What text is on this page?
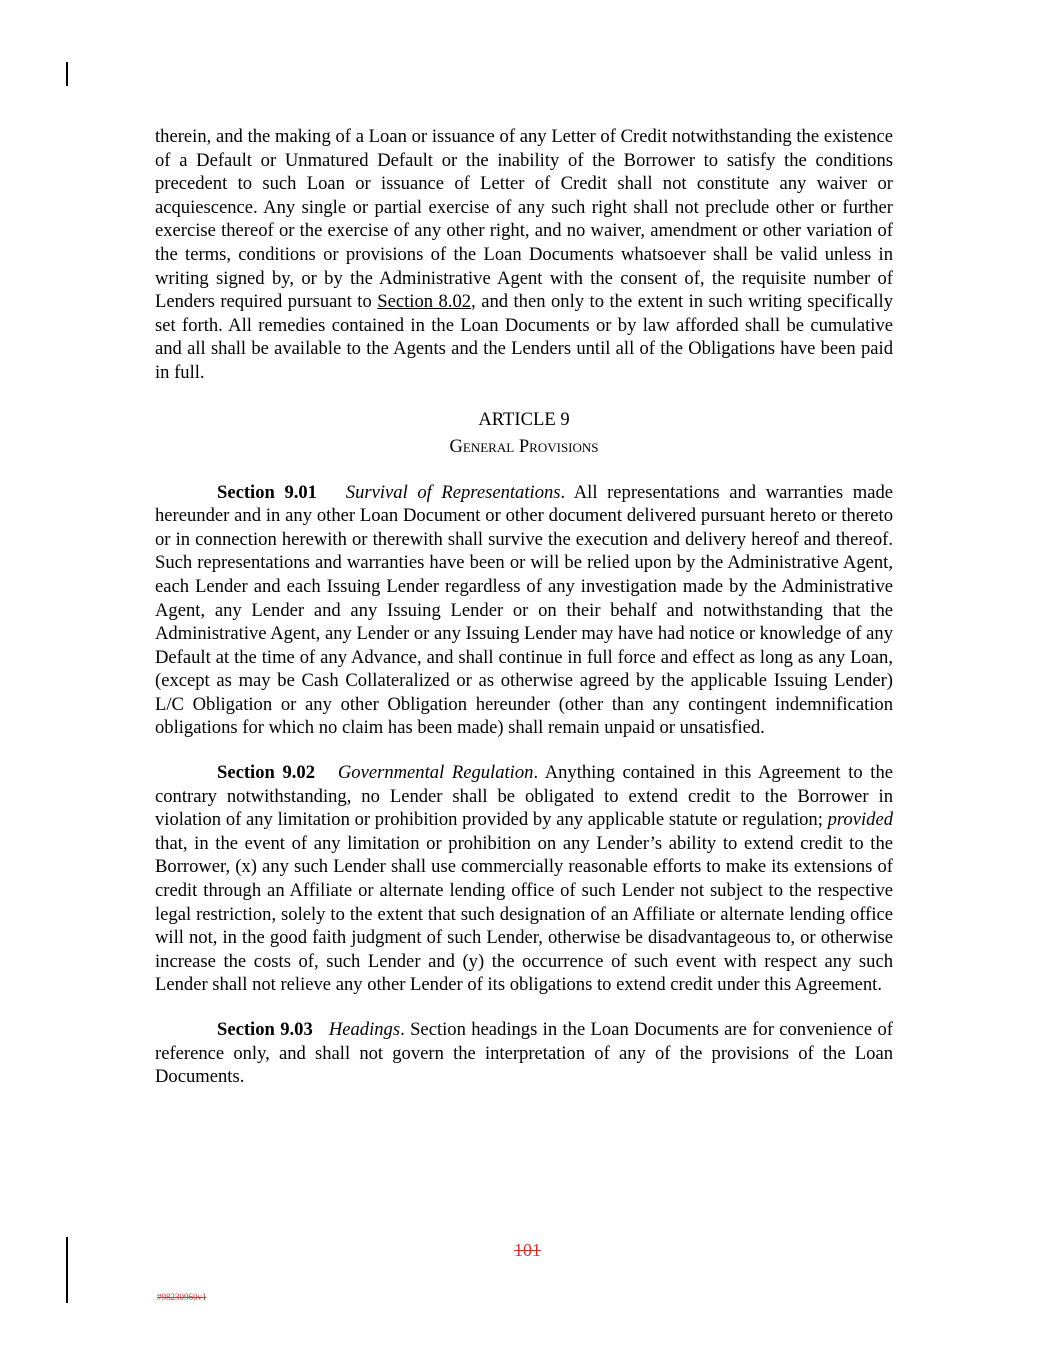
therein, and the making of a Loan or issuance of any Letter of Credit notwithstanding the existence of a Default or Unmatured Default or the inability of the Borrower to satisfy the conditions precedent to such Loan or issuance of Letter of Credit shall not constitute any waiver or acquiescence. Any single or partial exercise of any such right shall not preclude other or further exercise thereof or the exercise of any other right, and no waiver, amendment or other variation of the terms, conditions or provisions of the Loan Documents whatsoever shall be valid unless in writing signed by, or by the Administrative Agent with the consent of, the requisite number of Lenders required pursuant to Section 8.02, and then only to the extent in such writing specifically set forth. All remedies contained in the Loan Documents or by law afforded shall be cumulative and all shall be available to the Agents and the Lenders until all of the Obligations have been paid in full.

ARTICLE 9
General Provisions

Section 9.01 Survival of Representations. All representations and warranties made hereunder and in any other Loan Document or other document delivered pursuant hereto or thereto or in connection herewith or therewith shall survive the execution and delivery hereof and thereof. Such representations and warranties have been or will be relied upon by the Administrative Agent, each Lender and each Issuing Lender regardless of any investigation made by the Administrative Agent, any Lender and any Issuing Lender or on their behalf and notwithstanding that the Administrative Agent, any Lender or any Issuing Lender may have had notice or knowledge of any Default at the time of any Advance, and shall continue in full force and effect as long as any Loan, (except as may be Cash Collateralized or as otherwise agreed by the applicable Issuing Lender) L/C Obligation or any other Obligation hereunder (other than any contingent indemnification obligations for which no claim has been made) shall remain unpaid or unsatisfied.

Section 9.02 Governmental Regulation. Anything contained in this Agreement to the contrary notwithstanding, no Lender shall be obligated to extend credit to the Borrower in violation of any limitation or prohibition provided by any applicable statute or regulation; provided that, in the event of any limitation or prohibition on any Lender’s ability to extend credit to the Borrower, (x) any such Lender shall use commercially reasonable efforts to make its extensions of credit through an Affiliate or alternate lending office of such Lender not subject to the respective legal restriction, solely to the extent that such designation of an Affiliate or alternate lending office will not, in the good faith judgment of such Lender, otherwise be disadvantageous to, or otherwise increase the costs of, such Lender and (y) the occurrence of such event with respect any such Lender shall not relieve any other Lender of its obligations to extend credit under this Agreement.

Section 9.03 Headings. Section headings in the Loan Documents are for convenience of reference only, and shall not govern the interpretation of any of the provisions of the Loan Documents.

101
#98230960v1
